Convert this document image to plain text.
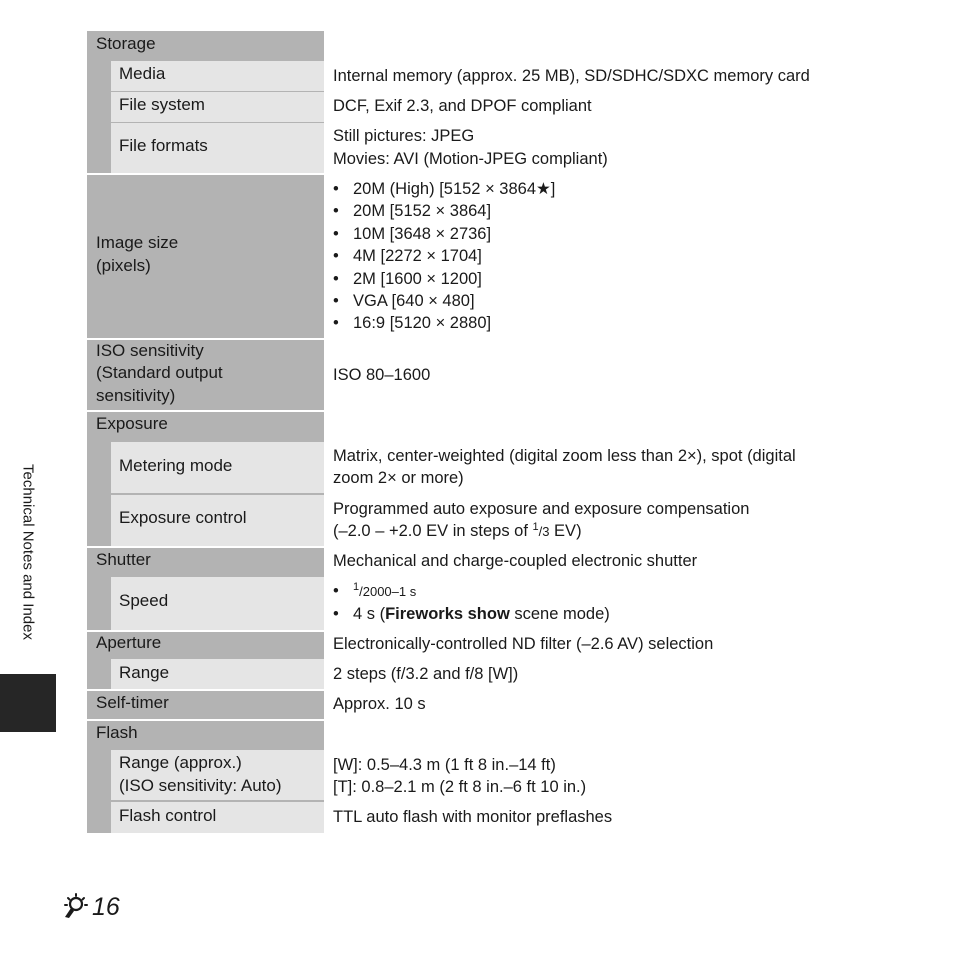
Storage
Media
File system
File formats
Image size
(pixels)
ISO sensitivity
(Standard output
sensitivity)
Exposure
Metering mode
Exposure control
Shutter
Speed
Aperture
Range
Self-timer
Flash
Range (approx.)
(ISO sensitivity: Auto)
Flash control
Internal memory (approx. 25 MB), SD/SDHC/SDXC memory card
DCF, Exif 2.3, and DPOF compliant
Still pictures: JPEG
Movies: AVI (Motion-JPEG compliant)
20M (High) [5152 × 3864★]
20M [5152 × 3864]
10M [3648 × 2736]
4M [2272 × 1704]
2M [1600 × 1200]
VGA [640 × 480]
16:9 [5120 × 2880]
ISO 80–1600
Matrix, center-weighted (digital zoom less than 2×), spot (digital
zoom 2× or more)
Programmed auto exposure and exposure compensation
(–2.0 – +2.0 EV in steps of $^1$/3 EV)
Mechanical and charge-coupled electronic shutter
$^1$/2000–1 s
4 s (Fireworks show scene mode)
Electronically-controlled ND filter (–2.6 AV) selection
2 steps (f/3.2 and f/8 [W])
Approx. 10 s
[W]: 0.5–4.3 m (1 ft 8 in.–14 ft)
[T]: 0.8–2.1 m (2 ft 8 in.–6 ft 10 in.)
TTL auto flash with monitor preflashes
Technical Notes and Index
16
